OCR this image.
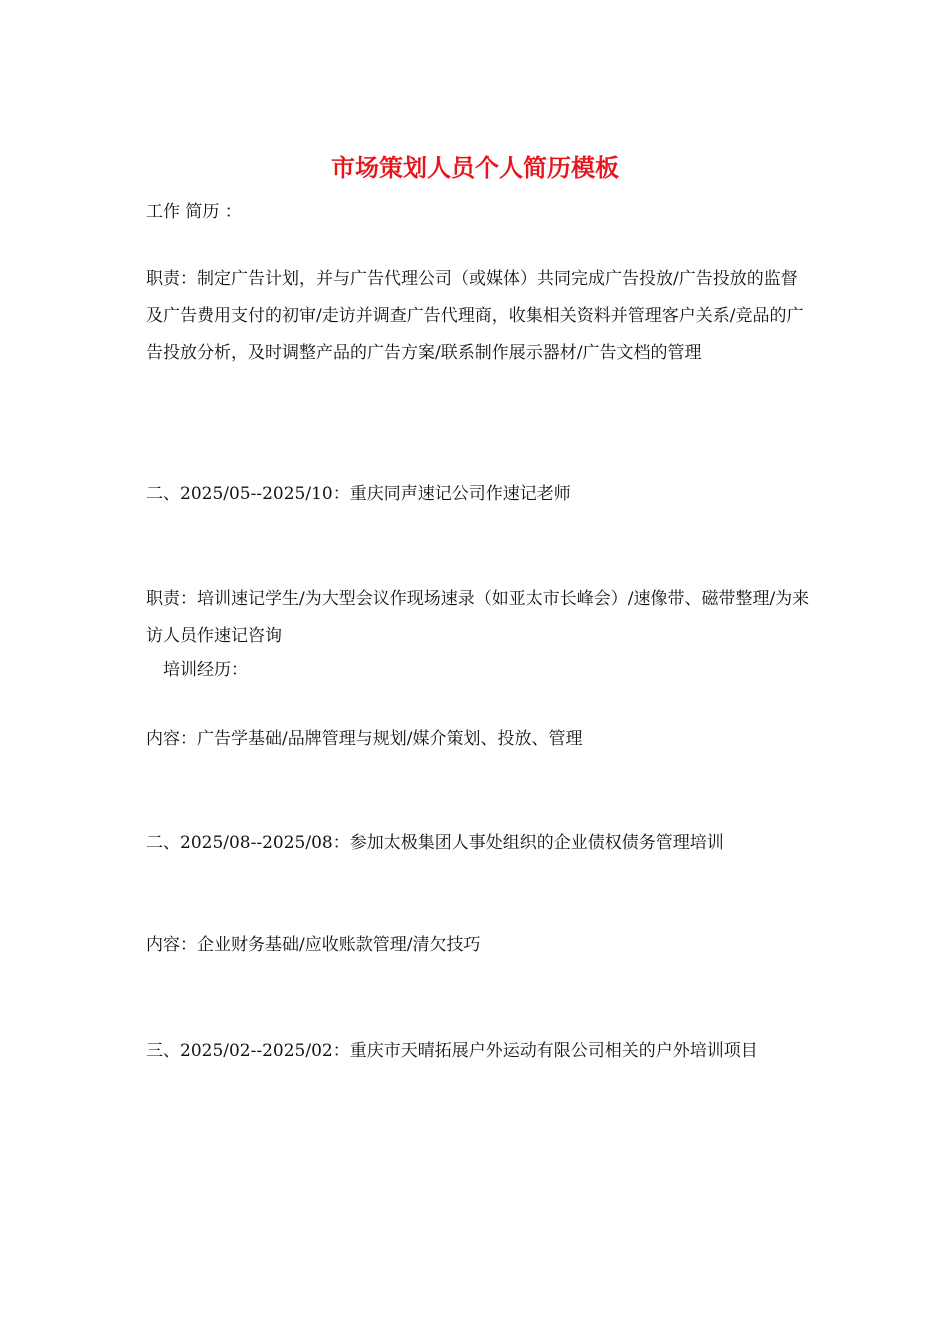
市场策划人员个人简历模板
工作 简历 ：
职责：制定广告计划，并与广告代理公司（或媒体）共同完成广告投放/广告投放的监督及广告费用支付的初审/走访并调查广告代理商，收集相关资料并管理客户关系/竞品的广告投放分析，及时调整产品的广告方案/联系制作展示器材/广告文档的管理
二、2025/05--2025/10：重庆同声速记公司作速记老师
职责：培训速记学生/为大型会议作现场速录（如亚太市长峰会）/速像带、磁带整理/为来访人员作速记咨询
培训经历：
内容：广告学基础/品牌管理与规划/媒介策划、投放、管理
二、2025/08--2025/08：参加太极集团人事处组织的企业债权债务管理培训
内容：企业财务基础/应收账款管理/清欠技巧
三、2025/02--2025/02：重庆市天晴拓展户外运动有限公司相关的户外培训项目
